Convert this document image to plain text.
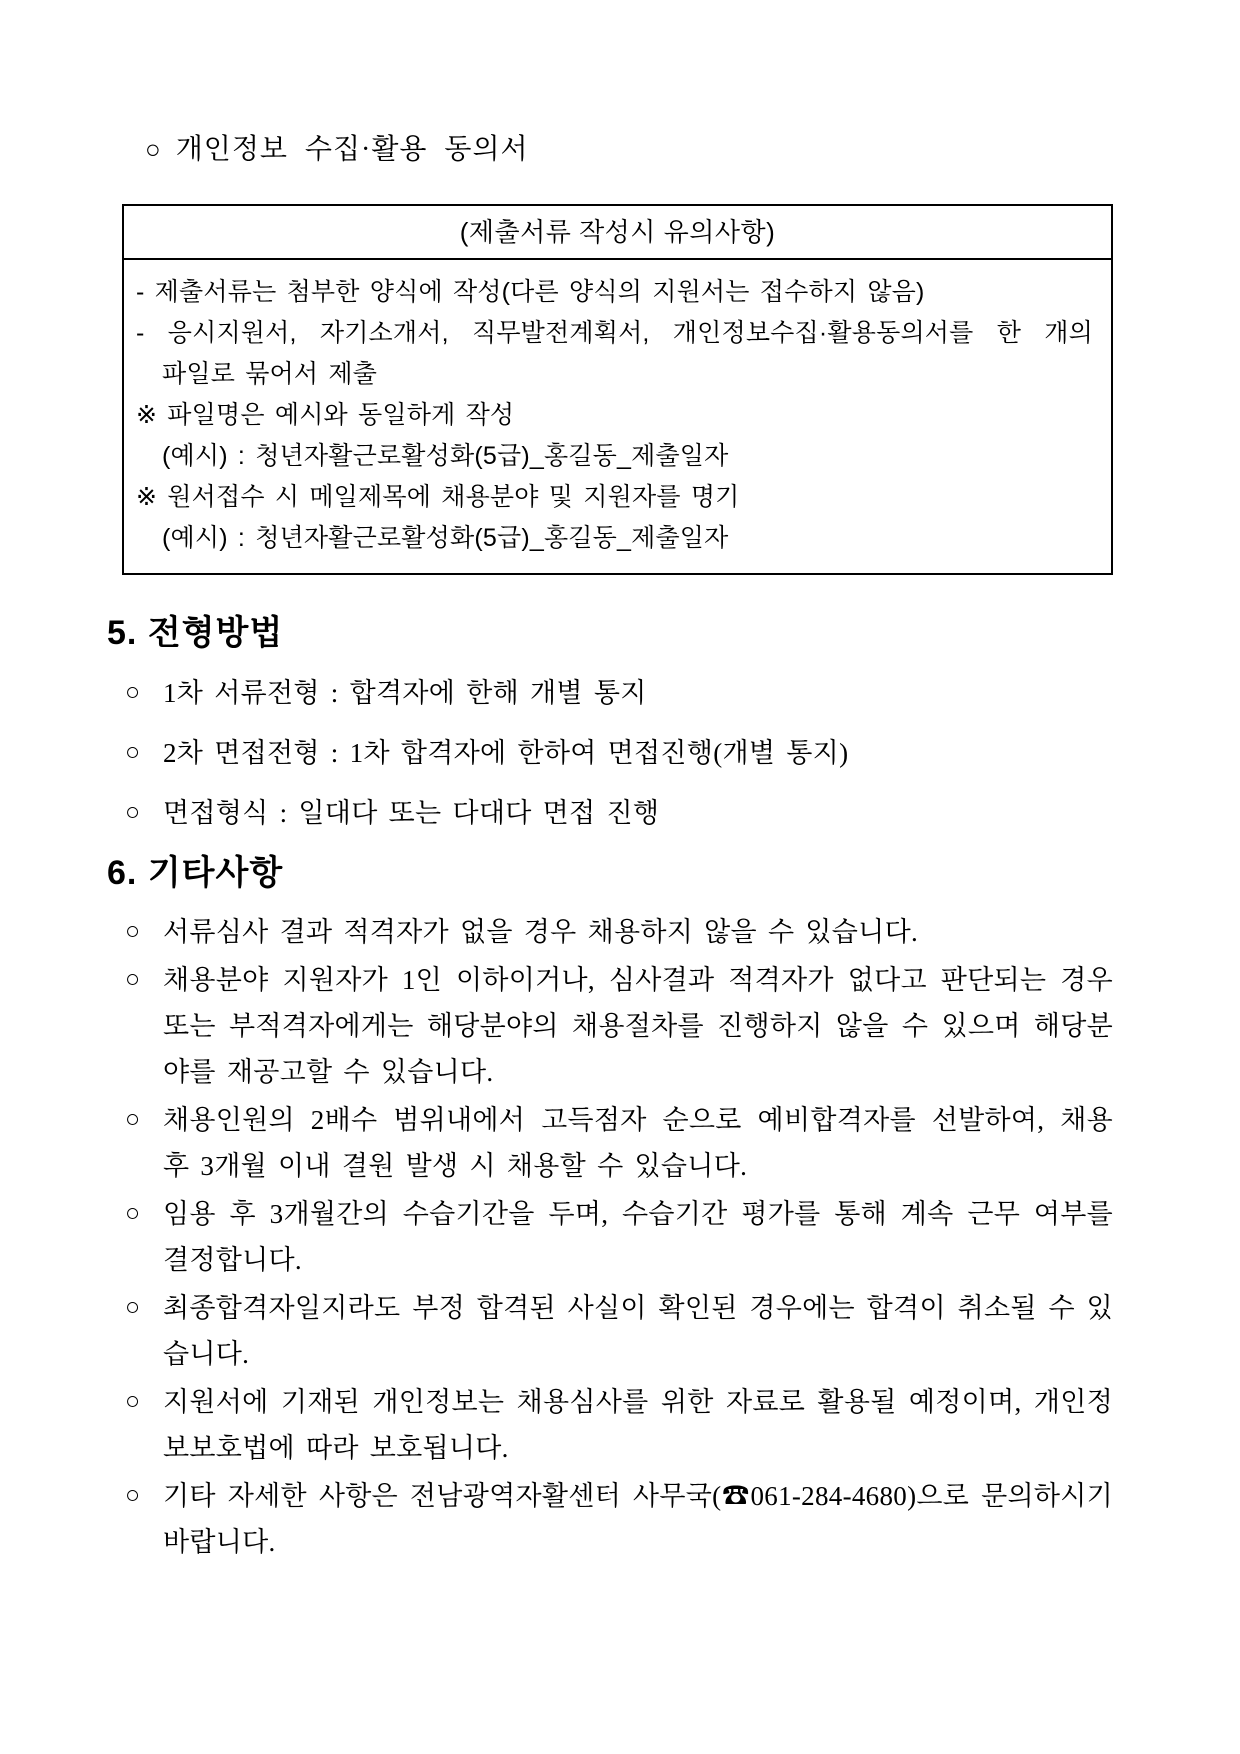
○ 개인정보 수집·활용 동의서
(제출서류 작성시 유의사항)
- 제출서류는 첨부한 양식에 작성(다른 양식의 지원서는 접수하지 않음)
- 응시지원서, 자기소개서, 직무발전계획서, 개인정보수집·활용동의서를 한 개의
파일로 묶어서 제출
※ 파일명은 예시와 동일하게 작성
(예시) : 청년자활근로활성화(5급)_홍길동_제출일자
※ 원서접수 시 메일제목에 채용분야 및 지원자를 명기
(예시) : 청년자활근로활성화(5급)_홍길동_제출일자
5. 전형방법
○ 1차 서류전형 : 합격자에 한해 개별 통지
○ 2차 면접전형 : 1차 합격자에 한하여 면접진행(개별 통지)
○ 면접형식 : 일대다 또는 다대다 면접 진행
6. 기타사항
○ 서류심사 결과 적격자가 없을 경우 채용하지 않을 수 있습니다.
○ 채용분야 지원자가 1인 이하이거나, 심사결과 적격자가 없다고 판단되는 경우 또는 부적격자에게는 해당분야의 채용절차를 진행하지 않을 수 있으며 해당분야를 재공고할 수 있습니다.
○ 채용인원의 2배수 범위내에서 고득점자 순으로 예비합격자를 선발하여, 채용 후 3개월 이내 결원 발생 시 채용할 수 있습니다.
○ 임용 후 3개월간의 수습기간을 두며, 수습기간 평가를 통해 계속 근무 여부를 결정합니다.
○ 최종합격자일지라도 부정 합격된 사실이 확인된 경우에는 합격이 취소될 수 있습니다.
○ 지원서에 기재된 개인정보는 채용심사를 위한 자료로 활용될 예정이며, 개인정보보호법에 따라 보호됩니다.
○ 기타 자세한 사항은 전남광역자활센터 사무국(☎061-284-4680)으로 문의하시기 바랍니다.
